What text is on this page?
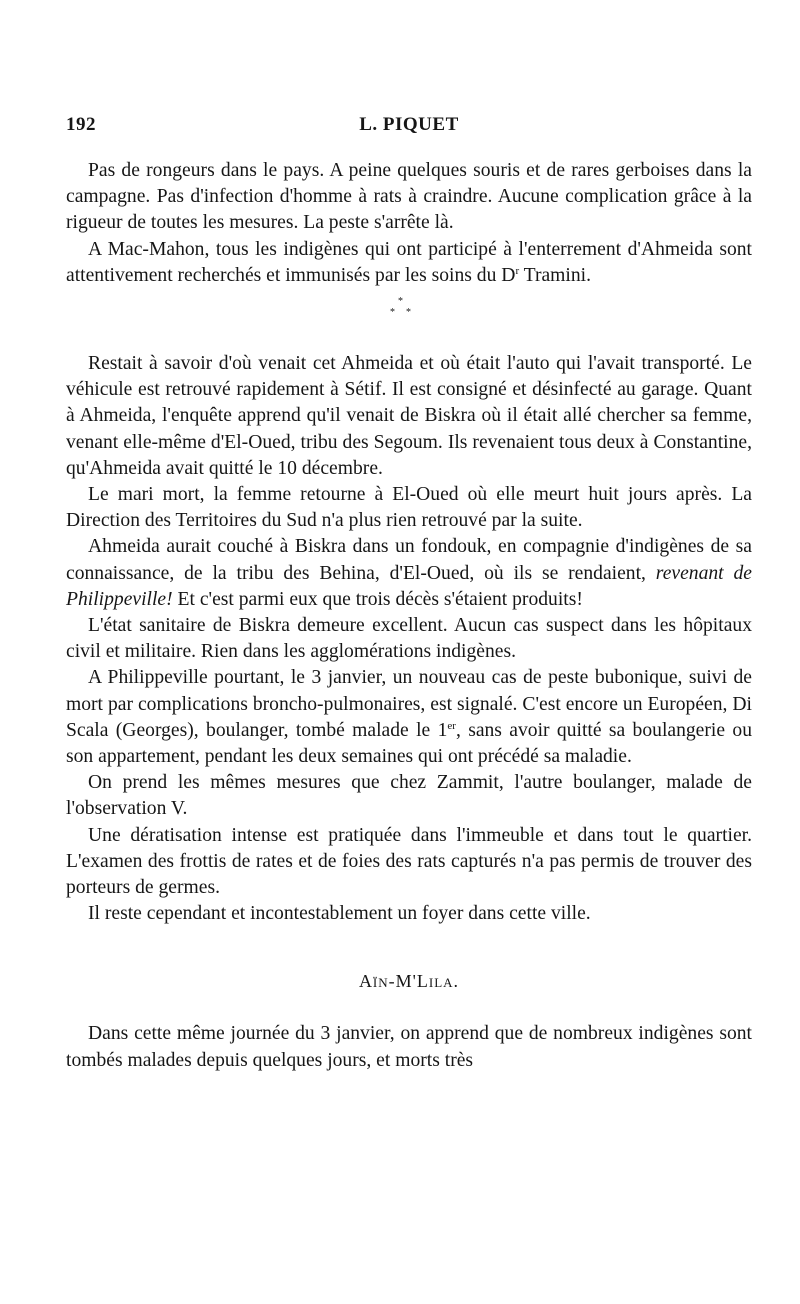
192	L. PIQUET

Pas de rongeurs dans le pays. A peine quelques souris et de rares gerboises dans la campagne. Pas d'infection d'homme à rats à craindre. Aucune complication grâce à la rigueur de toutes les mesures. La peste s'arrête là.

A Mac-Mahon, tous les indigènes qui ont participé à l'enterrement d'Ahmeida sont attentivement recherchés et immunisés par les soins du $D^r$ Tramini.

*
* *

Restait à savoir d'où venait cet Ahmeida et où était l'auto qui l'avait transporté. Le véhicule est retrouvé rapidement à Sétif. Il est consigné et désinfecté au garage. Quant à Ahmeida, l'enquête apprend qu'il venait de Biskra où il était allé chercher sa femme, venant elle-même d'El-Oued, tribu des Segoum. Ils revenaient tous deux à Constantine, qu'Ahmeida avait quitté le 10 décembre.

Le mari mort, la femme retourne à El-Oued où elle meurt huit jours après. La Direction des Territoires du Sud n'a plus rien retrouvé par la suite.

Ahmeida aurait couché à Biskra dans un fondouk, en compagnie d'indigènes de sa connaissance, de la tribu des Behina, d'El-Oued, où ils se rendaient, revenant de Philippeville! Et c'est parmi eux que trois décès s'étaient produits!

L'état sanitaire de Biskra demeure excellent. Aucun cas suspect dans les hôpitaux civil et militaire. Rien dans les agglomérations indigènes.

A Philippeville pourtant, le 3 janvier, un nouveau cas de peste bubonique, suivi de mort par complications broncho-pulmonaires, est signalé. C'est encore un Européen, Di Scala (Georges), boulanger, tombé malade le 1er, sans avoir quitté sa boulangerie ou son appartement, pendant les deux semaines qui ont précédé sa maladie.

On prend les mêmes mesures que chez Zammit, l'autre boulanger, malade de l'observation V.

Une dératisation intense est pratiquée dans l'immeuble et dans tout le quartier. L'examen des frottis de rates et de foies des rats capturés n'a pas permis de trouver des porteurs de germes.

Il reste cependant et incontestablement un foyer dans cette ville.

Aïn-M'Lila.

Dans cette même journée du 3 janvier, on apprend que de nombreux indigènes sont tombés malades depuis quelques jours, et morts très
